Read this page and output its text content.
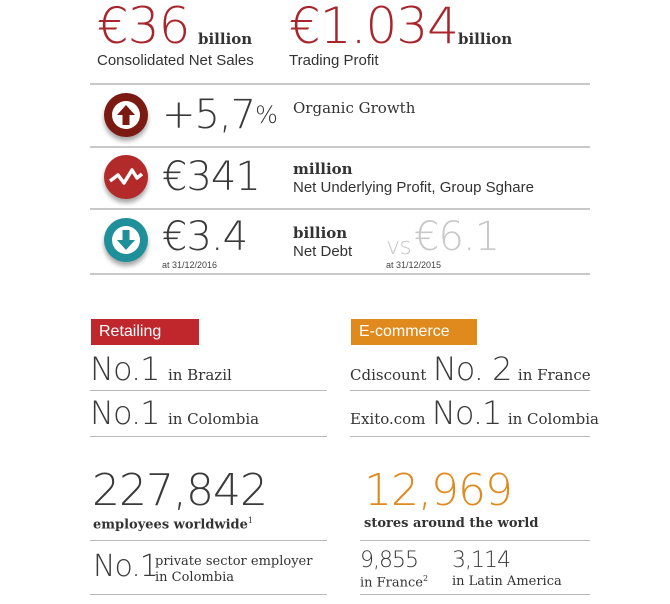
€36 billion
Consolidated Net Sales
€1.034 billion
Trading Profit
+5,7% Organic Growth
€341 million
Net Underlying Profit, Group Sghare
€3.4
at 31/12/2016
billion
Net Debt vs €6.1
at 31/12/2015
Retailing
No.1 in Brazil
No.1 in Colombia
E-commerce
Cdiscount No. 2 in France
Exito.com No.1 in Colombia
227,842
employees worldwide$^1$
No.1
private sector employer
in Colombia
12,969
stores around the world
9,855
in France$^2$
3,114
in Latin America
